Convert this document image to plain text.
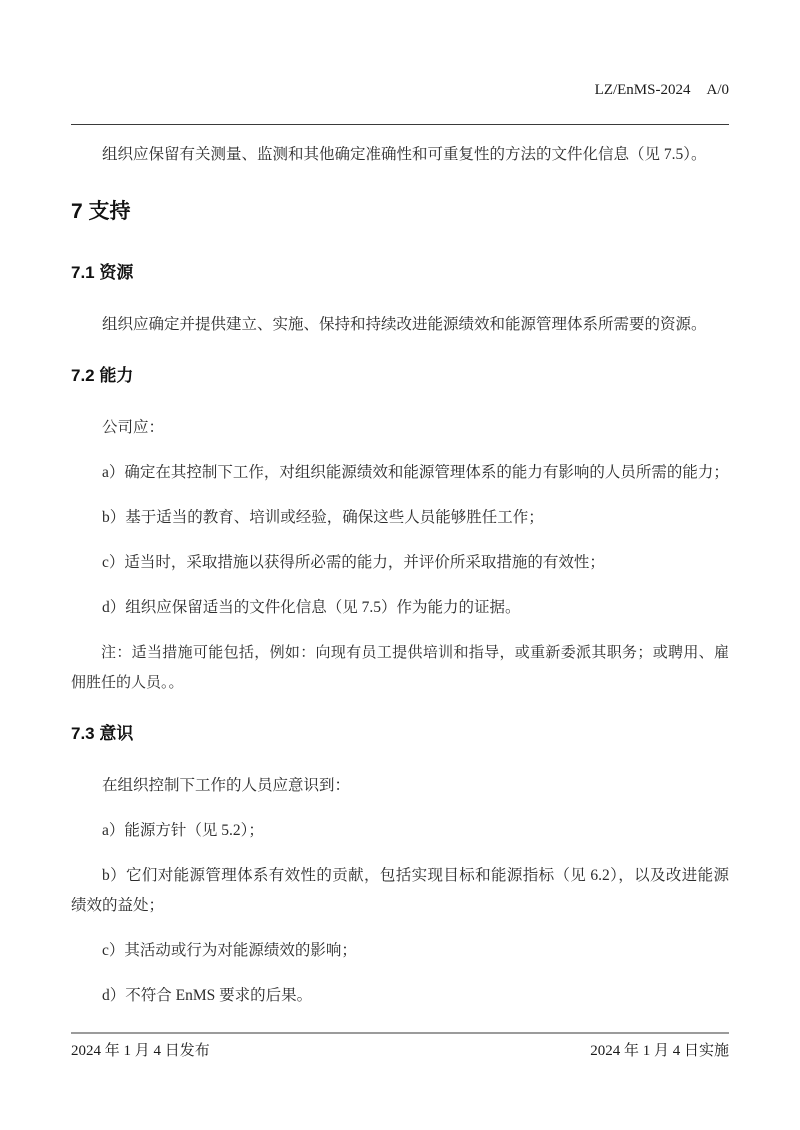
LZ/EnMS-2024 A/0

组织应保留有关测量、监测和其他确定准确性和可重复性的方法的文件化信息（见 7.5）。

7 支持
7.1 资源

组织应确定并提供建立、实施、保持和持续改进能源绩效和能源管理体系所需要的资源。

7.2 能力

公司应：

a）确定在其控制下工作，对组织能源绩效和能源管理体系的能力有影响的人员所需的能力；

b）基于适当的教育、培训或经验，确保这些人员能够胜任工作；

c）适当时，采取措施以获得所必需的能力，并评价所采取措施的有效性；

d）组织应保留适当的文件化信息（见 7.5）作为能力的证据。

注：适当措施可能包括，例如：向现有员工提供培训和指导，或重新委派其职务；或聘用、雇佣胜任的人员。。

7.3 意识

在组织控制下工作的人员应意识到：

a）能源方针（见 5.2）；

b）它们对能源管理体系有效性的贡献，包括实现目标和能源指标（见 6.2），以及改进能源绩效的益处；

c）其活动或行为对能源绩效的影响；

d）不符合 EnMS 要求的后果。

2024 年 1 月 4 日发布	2024 年 1 月 4 日实施
